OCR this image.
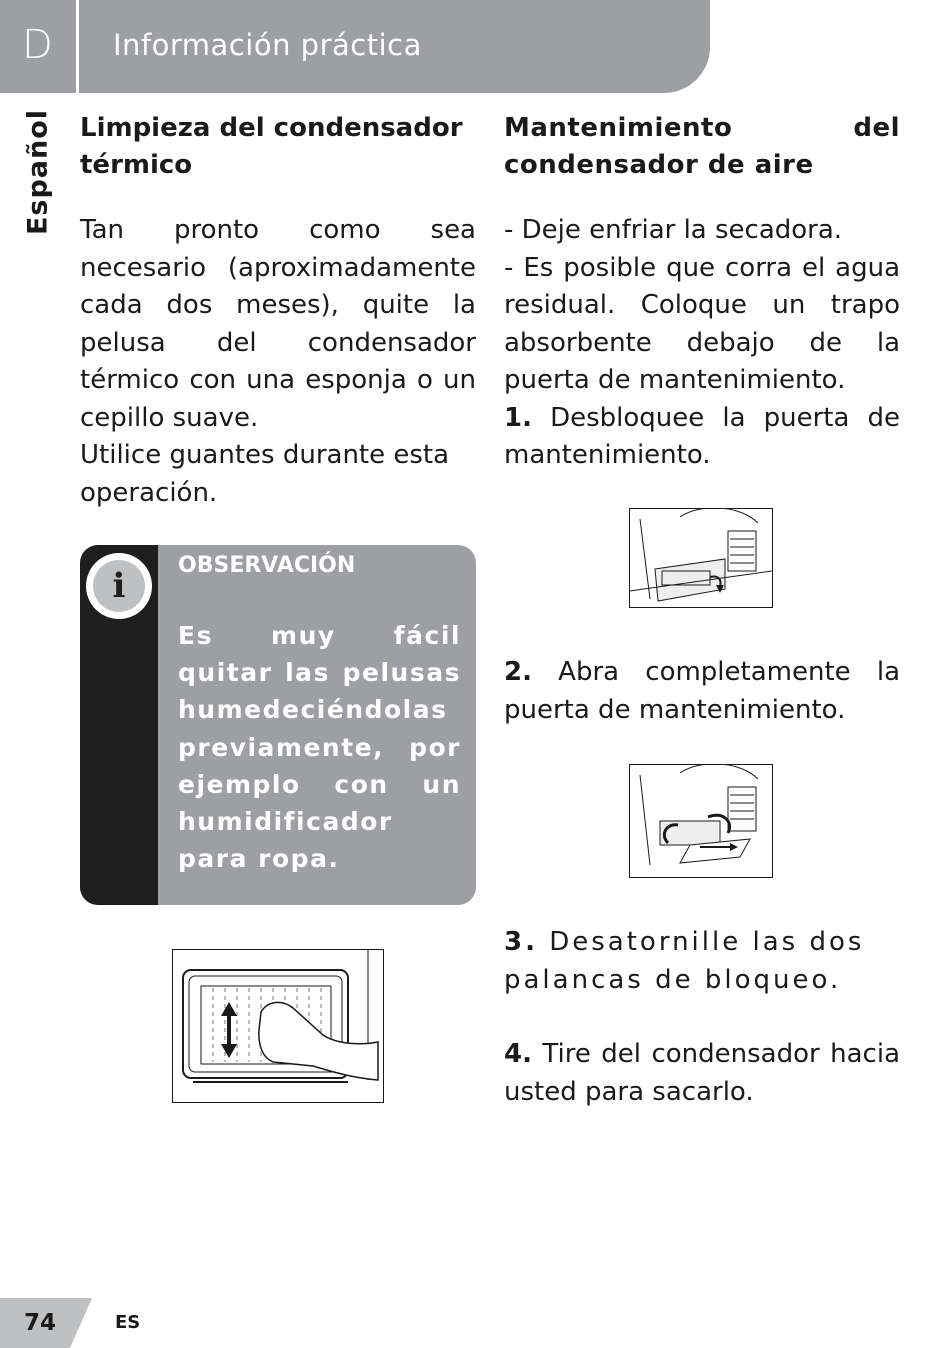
D Información práctica
Español Limpieza del condensador térmico

Tan pronto como sea necesario (aproximadamente cada dos meses), quite la pelusa del condensador térmico con una esponja o un cepillo suave.

Utilice guantes durante esta operación.

i
OBSERVACIÓN
Es muy fácil quitar las pelusas humedeciéndolas previamente, por ejemplo con un humidificador para ropa.
Mantenimiento del condensador de aire

- Deje enfriar la secadora.

- Es posible que corra el agua residual. Coloque un trapo absorbente debajo de la puerta de mantenimiento.

1. Desbloquee la puerta de mantenimiento.

2. Abra completamente la puerta de mantenimiento.

3. Desatornille las dos palancas de bloqueo.

4. Tire del condensador hacia usted para sacarlo.

74	ES
